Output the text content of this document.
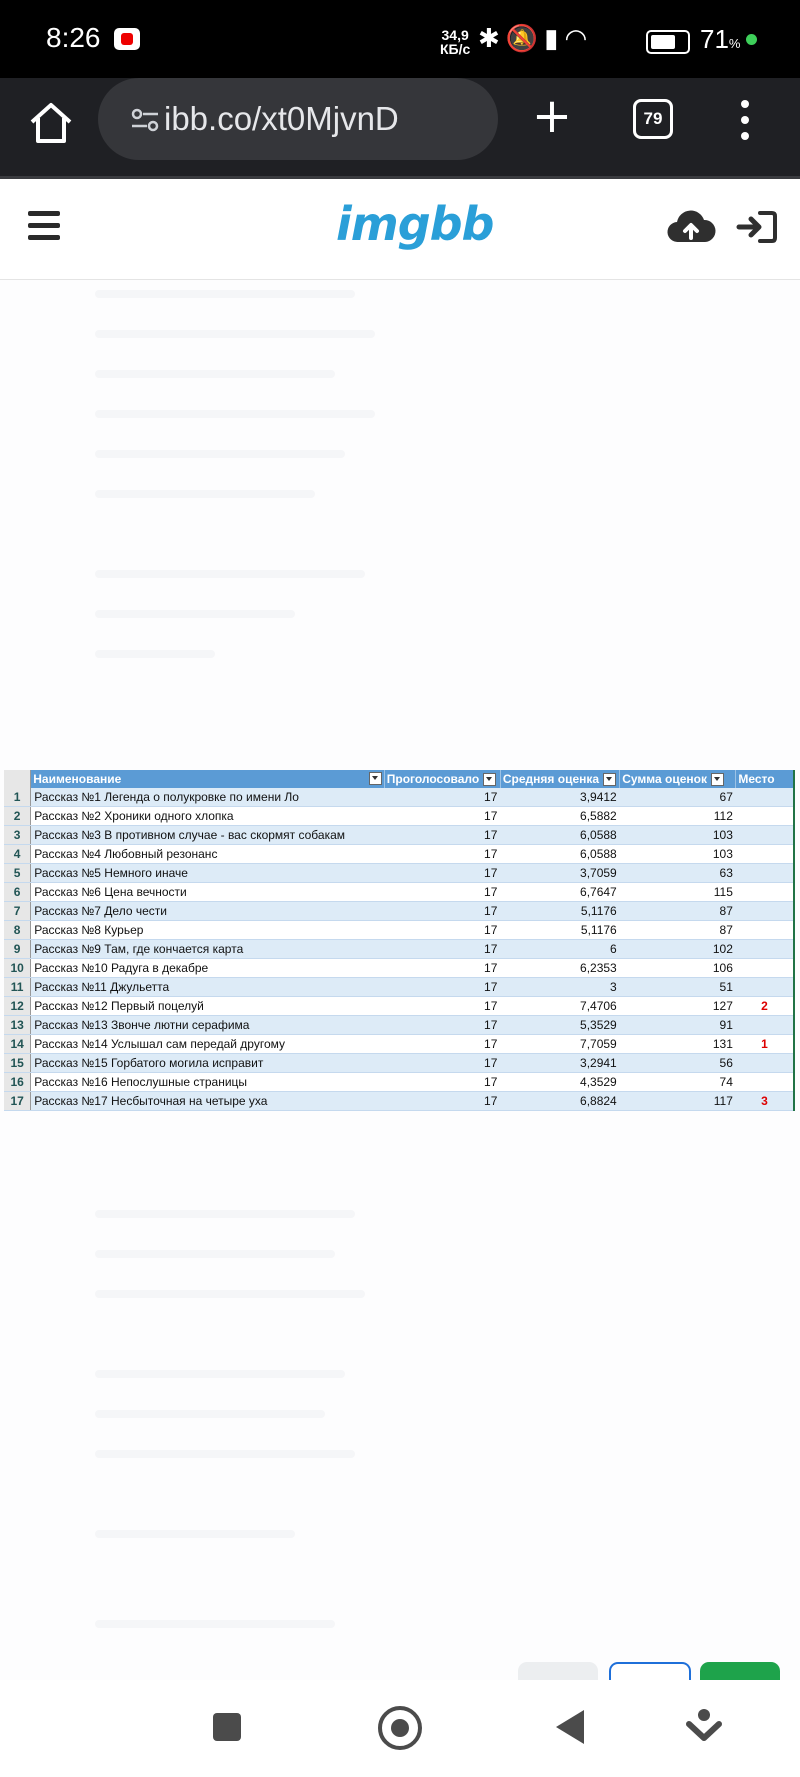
8:26	34,9
КБ/с ✱🔕▮◠	71%
ibb.co/xt0MjvnD	+	79
imgbb
	Наименование	Проголосовало	Средняя оценка	Сумма оценок	Место
1	Рассказ №1 Легенда о полукровке по имени Ло	17	3,9412	67	
2	Рассказ №2 Хроники одного хлопка	17	6,5882	112	
3	Рассказ №3 В противном случае - вас скормят собакам	17	6,0588	103	
4	Рассказ №4 Любовный резонанс	17	6,0588	103	
5	Рассказ №5 Немного иначе	17	3,7059	63	
6	Рассказ №6 Цена вечности	17	6,7647	115	
7	Рассказ №7 Дело чести	17	5,1176	87	
8	Рассказ №8 Курьер	17	5,1176	87	
9	Рассказ №9 Там, где кончается карта	17	6	102	
10	Рассказ №10 Радуга в декабре	17	6,2353	106	
11	Рассказ №11 Джульетта	17	3	51	
12	Рассказ №12 Первый поцелуй	17	7,4706	127	2
13	Рассказ №13 Звонче лютни серафима	17	5,3529	91	
14	Рассказ №14 Услышал сам передай другому	17	7,7059	131	1
15	Рассказ №15 Горбатого могила исправит	17	3,2941	56	
16	Рассказ №16 Непослушные страницы	17	4,3529	74	
17	Рассказ №17 Несбыточная на четыре уха	17	6,8824	117	3
